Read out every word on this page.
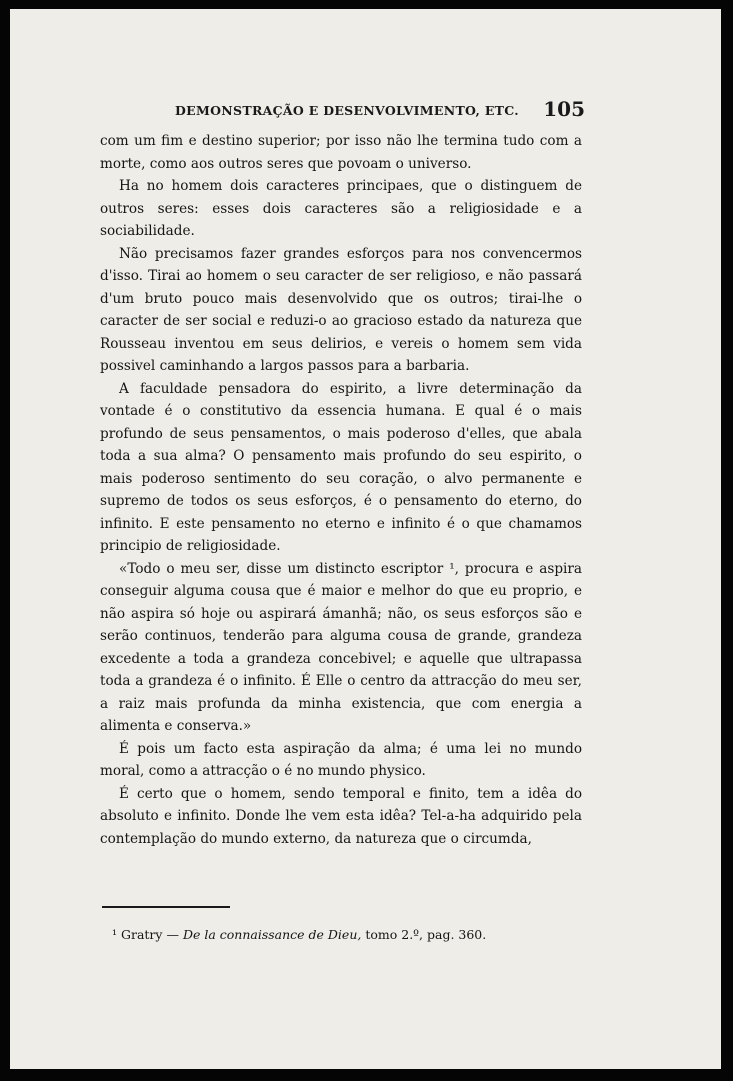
DEMONSTRAÇÃO E DESENVOLVIMENTO, ETC. 105

com um fim e destino superior; por isso não lhe termina tudo com a morte, como aos outros seres que povoam o universo.

Ha no homem dois caracteres principaes, que o distinguem de outros seres: esses dois caracteres são a religiosidade e a sociabilidade.

Não precisamos fazer grandes esforços para nos convencermos d'isso. Tirai ao homem o seu caracter de ser religioso, e não passará d'um bruto pouco mais desenvolvido que os outros; tirai-lhe o caracter de ser social e reduzi-o ao gracioso estado da natureza que Rousseau inventou em seus delirios, e vereis o homem sem vida possivel caminhando a largos passos para a barbaria.

A faculdade pensadora do espirito, a livre determinação da vontade é o constitutivo da essencia humana. E qual é o mais profundo de seus pensamentos, o mais poderoso d'elles, que abala toda a sua alma? O pensamento mais profundo do seu espirito, o mais poderoso sentimento do seu coração, o alvo permanente e supremo de todos os seus esforços, é o pensamento do eterno, do infinito. E este pensamento no eterno e infinito é o que chamamos principio de religiosidade.

«Todo o meu ser, disse um distincto escriptor ¹, procura e aspira conseguir alguma cousa que é maior e melhor do que eu proprio, e não aspira só hoje ou aspirará ámanhã; não, os seus esforços são e serão continuos, tenderão para alguma cousa de grande, grandeza excedente a toda a grandeza concebivel; e aquelle que ultrapassa toda a grandeza é o infinito. É Elle o centro da attracção do meu ser, a raiz mais profunda da minha existencia, que com energia a alimenta e conserva.»

É pois um facto esta aspiração da alma; é uma lei no mundo moral, como a attracção o é no mundo physico.

É certo que o homem, sendo temporal e finito, tem a idêa do absoluto e infinito. Donde lhe vem esta idêa? Tel-a-ha adquirido pela contemplação do mundo externo, da natureza que o circumda,

¹ Gratry — De la connaissance de Dieu, tomo 2.º, pag. 360.
